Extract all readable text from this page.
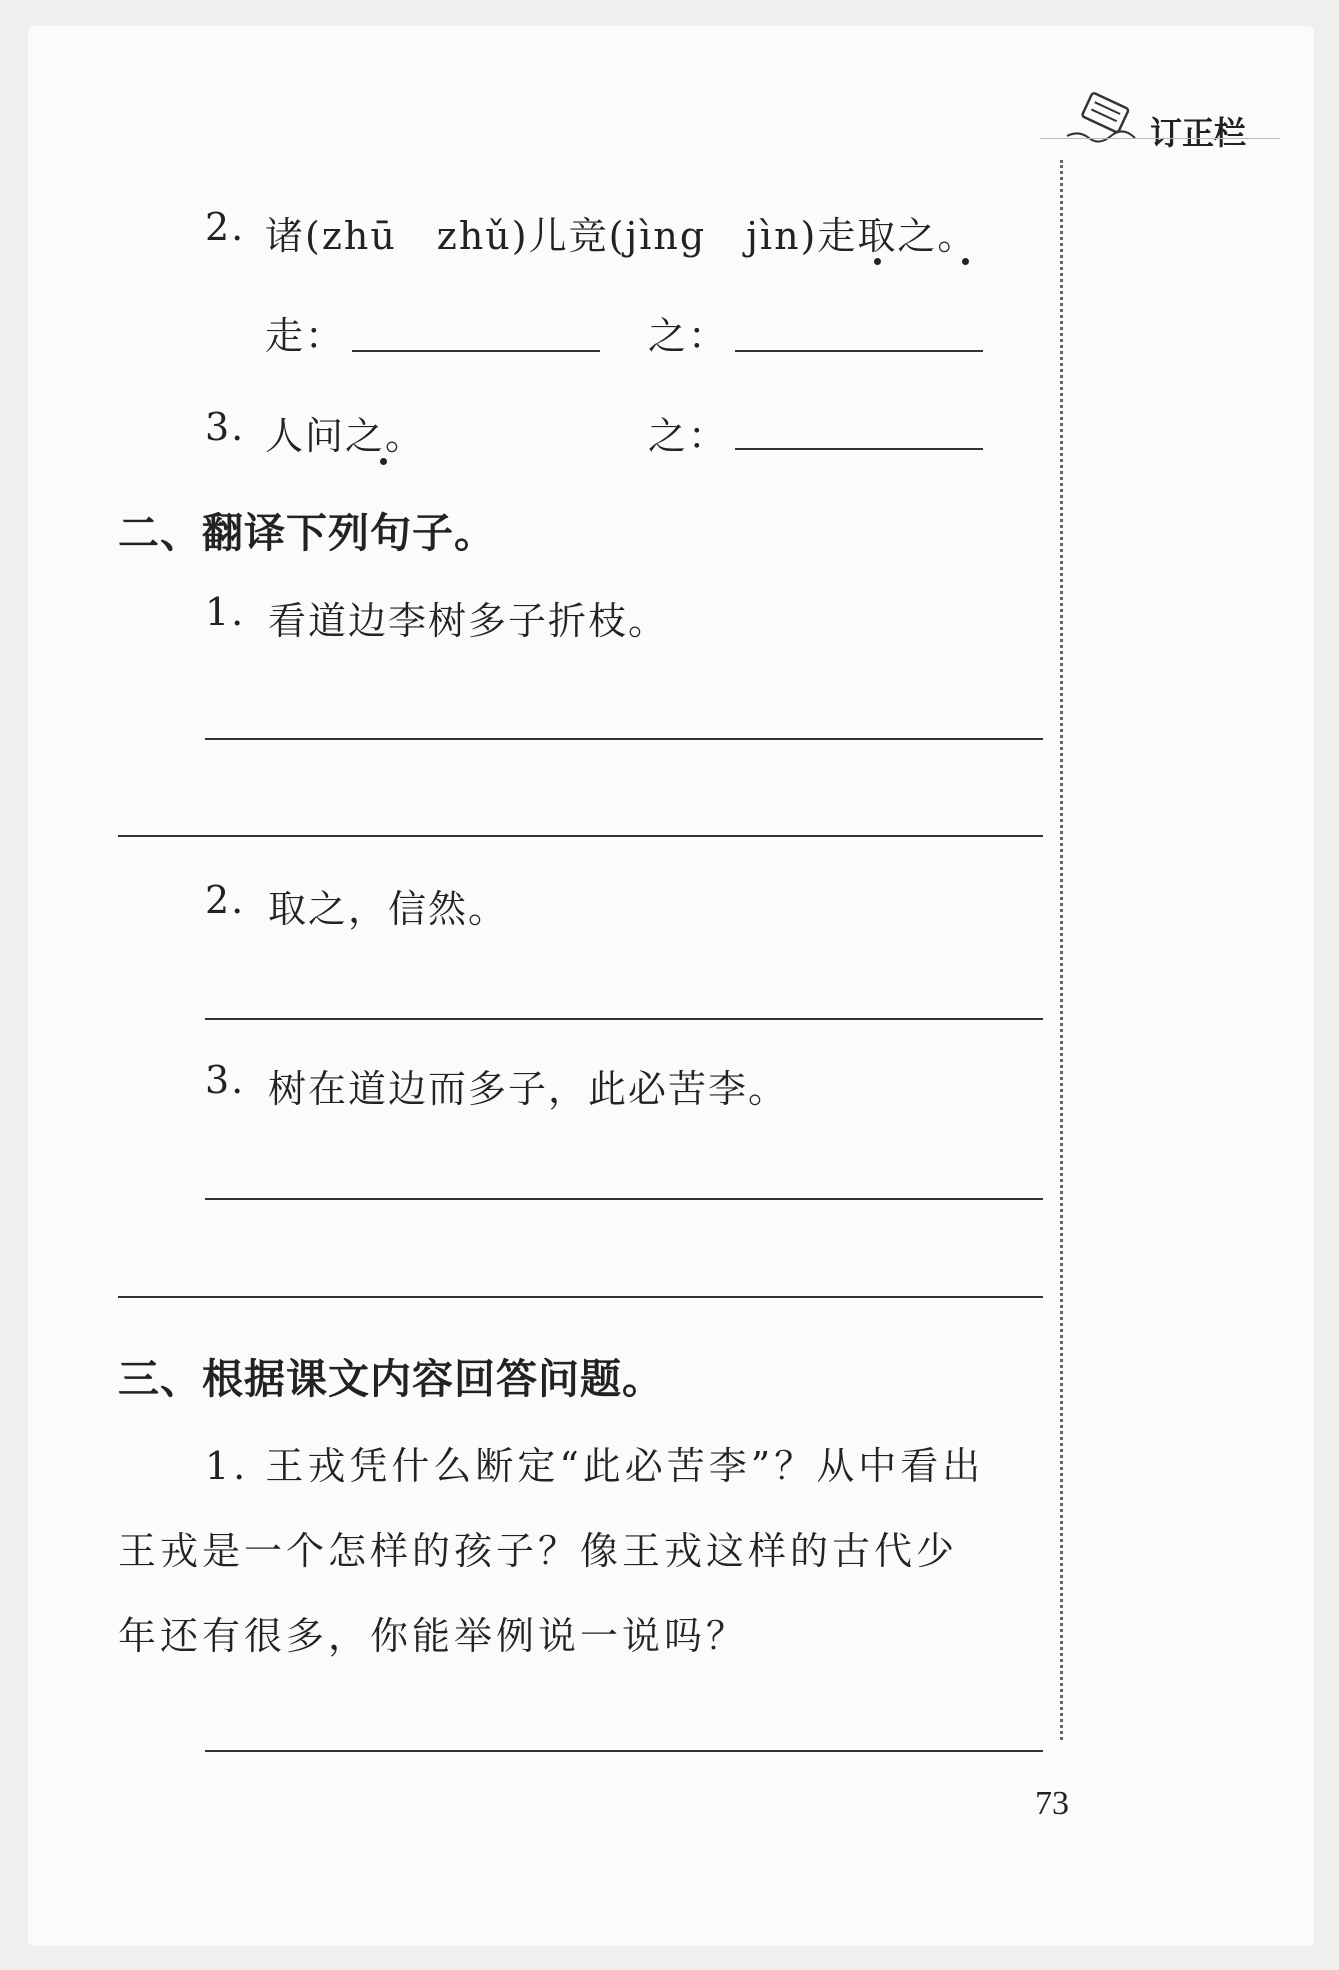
订正栏
2. 诸(zhū　zhǔ)儿竞(jìng　jìn)走取之。
走：	之：
3. 人问之。	之：
二、翻译下列句子。
1. 看道边李树多子折枝。
2. 取之，信然。
3. 树在道边而多子，此必苦李。
三、根据课文内容回答问题。
1. 王戎凭什么断定“此必苦李”？从中看出
王戎是一个怎样的孩子？像王戎这样的古代少
年还有很多，你能举例说一说吗？
73
